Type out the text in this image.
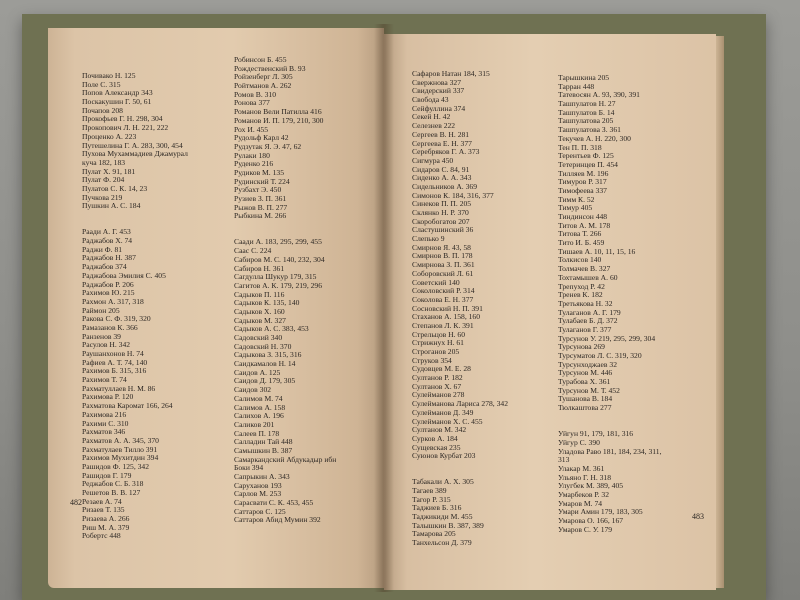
Почивако Н. 125
Поле С. 315
Попов Александр 343
Поскакушин Г. 50, 61
Почапов 208
Прокофьев Г. Н. 298, 304
Прокопович Л. Н. 221, 222
Проценко А. 223
Путешелина Г. А. 283, 300, 454
Пухова Мухаммадиев Джамурал
куча 182, 183
Пулат Х. 91, 181
Пулат Ф. 204
Пулатов С. К. 14, 23
Пучкова 219
Пушкин А. С. 184
Раади А. Г. 453
Раджабов Х. 74
Раджи Ф. 81
Раджабов Н. 387
Раджабов 374
Раджабова Эмилия С. 405
Раджабов Р. 206
Рахимов Ю. 215
Рахмон А. 317, 318
Раймон 205
Ракова С. Ф. 319, 320
Рамазанов К. 366
Ранзенов 39
Расулов Н. 342
Раушанхонов Н. 74
Рафиев А. Т. 74, 140
Рахимов Б. 315, 316
Рахимов Т. 74
Рахматуллаев Н. М. 86
Рахимова Р. 120
Рахматова Каромат 166, 264
Рахимова 216
Рахими С. 310
Рахматов 346
Рахматов А. А. 345, 370
Рахматулаев Тилло 391
Рахимов Мухитдин 394
Рашидов Ф. 125, 342
Рашидов Г. 179
Реджабов С. Б. 318
Решетов В. В. 127
Резаев А. 74
Ризаев Т. 135
Ризаева А. 266
Риш М. А. 379
Робертс 448
Робинсон Б. 455
Рождественский В. 93
Ройзенберг Л. 305
Ройтманов А. 262
Ромов В. 310
Ронова 377
Романов Вели Патилла 416
Романов И. П. 179, 210, 300
Рох И. 455
Рудольф Карл 42
Рудзутак Я. Э. 47, 62
Рулаки 180
Руденко 216
Рудиков М. 135
Рудинский Т. 224
Рузбахт Э. 450
Рузиев З. П. 361
Рыжов В. П. 277
Рыбкина М. 266
Саади А. 183, 295, 299, 455
Саас С. 224
Сабиров М. С. 140, 232, 304
Сабиров Н. 361
Сагдулла Шукур 179, 315
Сагитов А. К. 179, 219, 296
Садыков П. 116
Садыков К. 135, 140
Садыков Х. 160
Садыков М. 327
Садыков А. С. 383, 453
Садовский 340
Садовский Н. 370
Садыкова З. 315, 316
Саидкамалов Н. 14
Саидов А. 125
Саидов Д. 179, 305
Саидов 302
Салимов М. 74
Салимов А. 158
Салихов А. 196
Саликов 201
Салеев П. 178
Салладин Тай 448
Самышкин В. 387
Самаркандский Абдукадыр ибн
Боки 394
Сапрыкин А. 343
Саруханов 193
Сарлов М. 253
Сарасвати С. К. 453, 455
Саттаров С. 125
Саттаров Абид Мумин 392
482
Сафаров Натан 184, 315
Свержнова 327
Свидерский 337
Свобода 43
Сейфуллина 374
Секей Н. 42
Селезнев 222
Сергеев В. Н. 281
Сергеева Е. Н. 377
Серебряков Г. А. 373
Сигмура 450
Сидаров С. 84, 91
Сиденко А. А. 343
Сидельников А. 369
Симонов К. 184, 316, 377
Синеков П. П. 205
Склянко Н. Р. 370
Скоробогатов 207
Сластушинский 36
Слепько 9
Смирнов Я. 43, 58
Смирнов В. П. 178
Смирнова З. П. 361
Соборовский Л. 61
Советский 140
Соколовский Р. 314
Соколова Е. Н. 377
Сосновский Н. П. 391
Стаханов А. 158, 160
Степанов Л. К. 391
Стрельцов Н. 60
Стрижнух Н. 61
Строганов 205
Струков 354
Судовцев М. Е. 28
Султанов Р. 182
Султанов Х. 67
Сулейманов 278
Сулейманова Лариса 278, 342
Сулейманов Д. 349
Сулейманов Х. С. 455
Султанов М. 342
Сурков А. 184
Сущевская 235
Суюнов Курбат 203
Табакали А. Х. 305
Тагаев 389
Тагор Р. 315
Таджиев Б. 316
Таджикиди М. 455
Талышкин В. 387, 389
Тамарова 205
Танхельсон Д. 379
Тарышкина 205
Тарран 448
Татевосян А. 93, 390, 391
Ташпулатов Н. 27
Ташпулатов Б. 14
Ташпулатова 205
Ташпулатова З. 361
Текучев А. Н. 220, 300
Тен П. П. 318
Терентьев Ф. 125
Тетеринцев П. 454
Тилляев М. 196
Тимуров Р. 317
Тимофеева 337
Тимм К. 52
Тимур 405
Тиндинсон 448
Титов А. М. 178
Титова Т. 266
Тито И. Б. 459
Тишаев А. 10, 11, 15, 16
Толкисов 140
Толмачев В. 327
Тохтамышев А. 60
Трепуход Р. 42
Тренев К. 182
Третьякова Н. 32
Тулаганов А. Г. 179
Тулабаев Б. Д. 372
Тулаганов Г. 377
Турсунов У. 219, 295, 299, 304
Турсунова 269
Турсуматов Л. С. 319, 320
Турсунходжаев 32
Турсунов М. 446
Турабова Х. 361
Турсунов М. Т. 452
Тушанова В. 184
Тюлкаштова 277
Уйгун 91, 179, 181, 316
Уйгур С. 390
Уладова Раво 181, 184, 234, 311,
313
Улакар М. 361
Ульяно Г. Н. 318
Улугбек М. 389, 405
Умарбеков Р. 32
Умаров М. 74
Умари Амин 179, 183, 305
Умарова О. 166, 167
Умаров С. У. 179
483
